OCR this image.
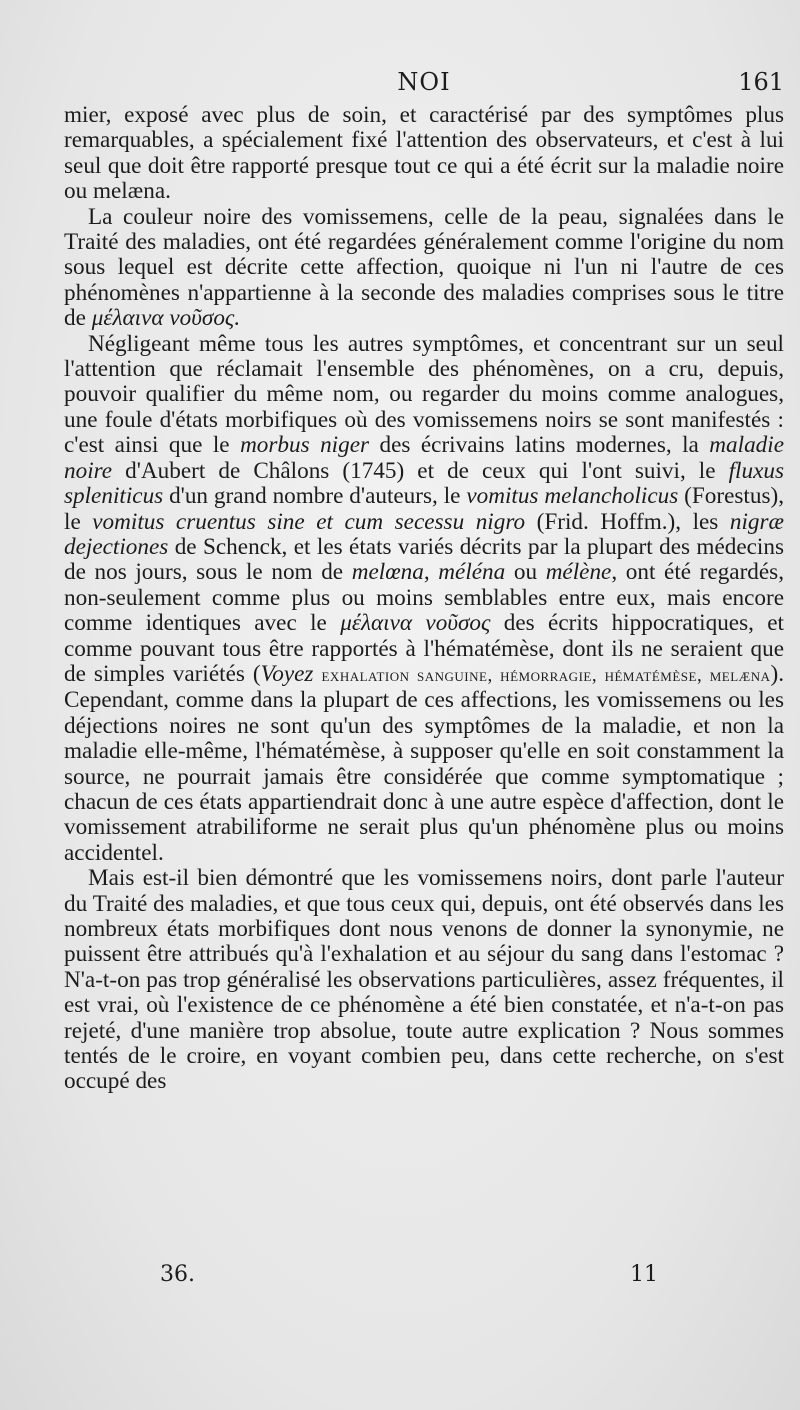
NOI	161

mier, exposé avec plus de soin, et caractérisé par des symptômes plus remarquables, a spécialement fixé l'attention des observateurs, et c'est à lui seul que doit être rapporté presque tout ce qui a été écrit sur la maladie noire ou melæna.

La couleur noire des vomissemens, celle de la peau, signalées dans le Traité des maladies, ont été regardées généralement comme l'origine du nom sous lequel est décrite cette affection, quoique ni l'un ni l'autre de ces phénomènes n'appartienne à la seconde des maladies comprises sous le titre de μέλαινα νοῦσος.

Négligeant même tous les autres symptômes, et concentrant sur un seul l'attention que réclamait l'ensemble des phénomènes, on a cru, depuis, pouvoir qualifier du même nom, ou regarder du moins comme analogues, une foule d'états morbifiques où des vomissemens noirs se sont manifestés : c'est ainsi que le morbus niger des écrivains latins modernes, la maladie noire d'Aubert de Châlons (1745) et de ceux qui l'ont suivi, le fluxus spleniticus d'un grand nombre d'auteurs, le vomitus melancholicus (Forestus), le vomitus cruentus sine et cum secessu nigro (Frid. Hoffm.), les nigræ dejectiones de Schenck, et les états variés décrits par la plupart des médecins de nos jours, sous le nom de melœna, méléna ou mélène, ont été regardés, non-seulement comme plus ou moins semblables entre eux, mais encore comme identiques avec le μέλαινα νοῦσος des écrits hippocratiques, et comme pouvant tous être rapportés à l'hématémèse, dont ils ne seraient que de simples variétés (Voyez exhalation sanguine, hémorragie, hématémèse, melæna). Cependant, comme dans la plupart de ces affections, les vomissemens ou les déjections noires ne sont qu'un des symptômes de la maladie, et non la maladie elle-même, l'hématémèse, à supposer qu'elle en soit constamment la source, ne pourrait jamais être considérée que comme symptomatique ; chacun de ces états appartiendrait donc à une autre espèce d'affection, dont le vomissement atrabiliforme ne serait plus qu'un phénomène plus ou moins accidentel.

Mais est-il bien démontré que les vomissemens noirs, dont parle l'auteur du Traité des maladies, et que tous ceux qui, depuis, ont été observés dans les nombreux états morbifiques dont nous venons de donner la synonymie, ne puissent être attribués qu'à l'exhalation et au séjour du sang dans l'estomac ? N'a-t-on pas trop généralisé les observations particulières, assez fréquentes, il est vrai, où l'existence de ce phénomène a été bien constatée, et n'a-t-on pas rejeté, d'une manière trop absolue, toute autre explication ? Nous sommes tentés de le croire, en voyant combien peu, dans cette recherche, on s'est occupé des

36.	11
